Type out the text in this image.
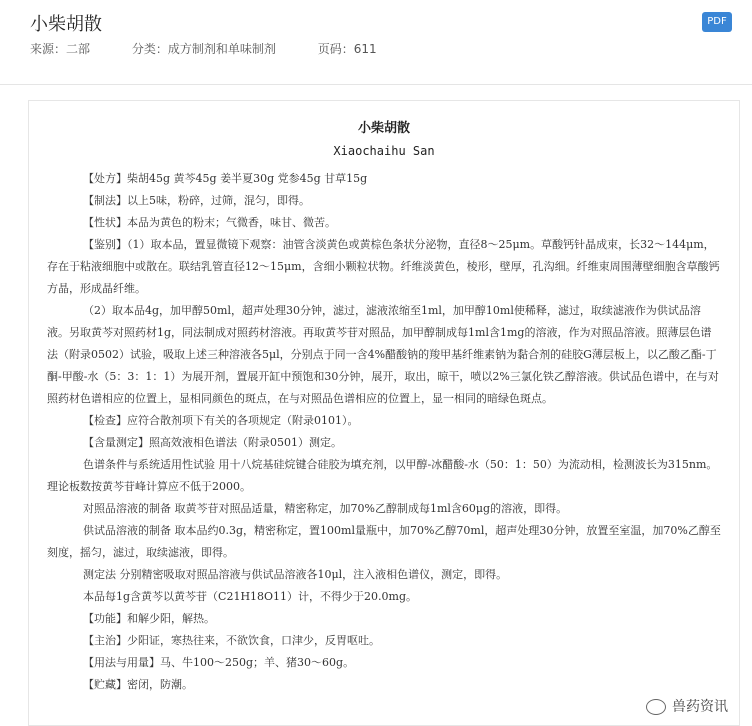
小柴胡散
来源：二部	分类：成方制剂和单味制剂	页码：611
PDF
小柴胡散
Xiaochaihu San

【处方】柴胡45g 黄芩45g 姜半夏30g 党参45g 甘草15g

【制法】以上5味，粉碎，过筛，混匀，即得。

【性状】本品为黄色的粉末；气微香，味甘、微苦。

【鉴别】（1）取本品，置显微镜下观察：油管含淡黄色或黄棕色条状分泌物，直径8～25μm。草酸钙针晶成束，长32～144μm，存在于粘液细胞中或散在。联结乳管直径12～15μm，含细小颗粒状物。纤维淡黄色，棱形，壁厚，孔沟细。纤维束周围薄壁细胞含草酸钙方晶，形成晶纤维。

（2）取本品4g，加甲醇50ml，超声处理30分钟，滤过，滤液浓缩至1ml，加甲醇10ml使稀释，滤过，取续滤液作为供试品溶液。另取黄芩对照药材1g，同法制成对照药材溶液。再取黄芩苷对照品，加甲醇制成每1ml含1mg的溶液，作为对照品溶液。照薄层色谱法（附录0502）试验，吸取上述三种溶液各5μl，分别点于同一含4%醋酸钠的羧甲基纤维素钠为黏合剂的硅胶G薄层板上，以乙酸乙酯-丁酮-甲酸-水（5：3：1：1）为展开剂，置展开缸中预饱和30分钟，展开，取出，晾干，喷以2%三氯化铁乙醇溶液。供试品色谱中，在与对照药材色谱相应的位置上，显相同颜色的斑点，在与对照品色谱相应的位置上，显一相同的暗绿色斑点。

【检查】应符合散剂项下有关的各项规定（附录0101）。

【含量测定】照高效液相色谱法（附录0501）测定。

色谱条件与系统适用性试验 用十八烷基硅烷键合硅胶为填充剂，以甲醇-冰醋酸-水（50：1：50）为流动相，检测波长为315nm。理论板数按黄芩苷峰计算应不低于2000。

对照品溶液的制备 取黄芩苷对照品适量，精密称定，加70%乙醇制成每1ml含60μg的溶液，即得。

供试品溶液的制备 取本品约0.3g，精密称定，置100ml量瓶中，加70%乙醇70ml，超声处理30分钟，放置至室温，加70%乙醇至刻度，摇匀，滤过，取续滤液，即得。

测定法 分别精密吸取对照品溶液与供试品溶液各10μl，注入液相色谱仪，测定，即得。

本品每1g含黄芩以黄芩苷（C21H18O11）计，不得少于20.0mg。

【功能】和解少阳，解热。

【主治】少阳证，寒热往来，不欲饮食，口津少，反胃呕吐。

【用法与用量】马、牛100～250g；羊、猪30～60g。

【贮藏】密闭，防潮。

兽药资讯
